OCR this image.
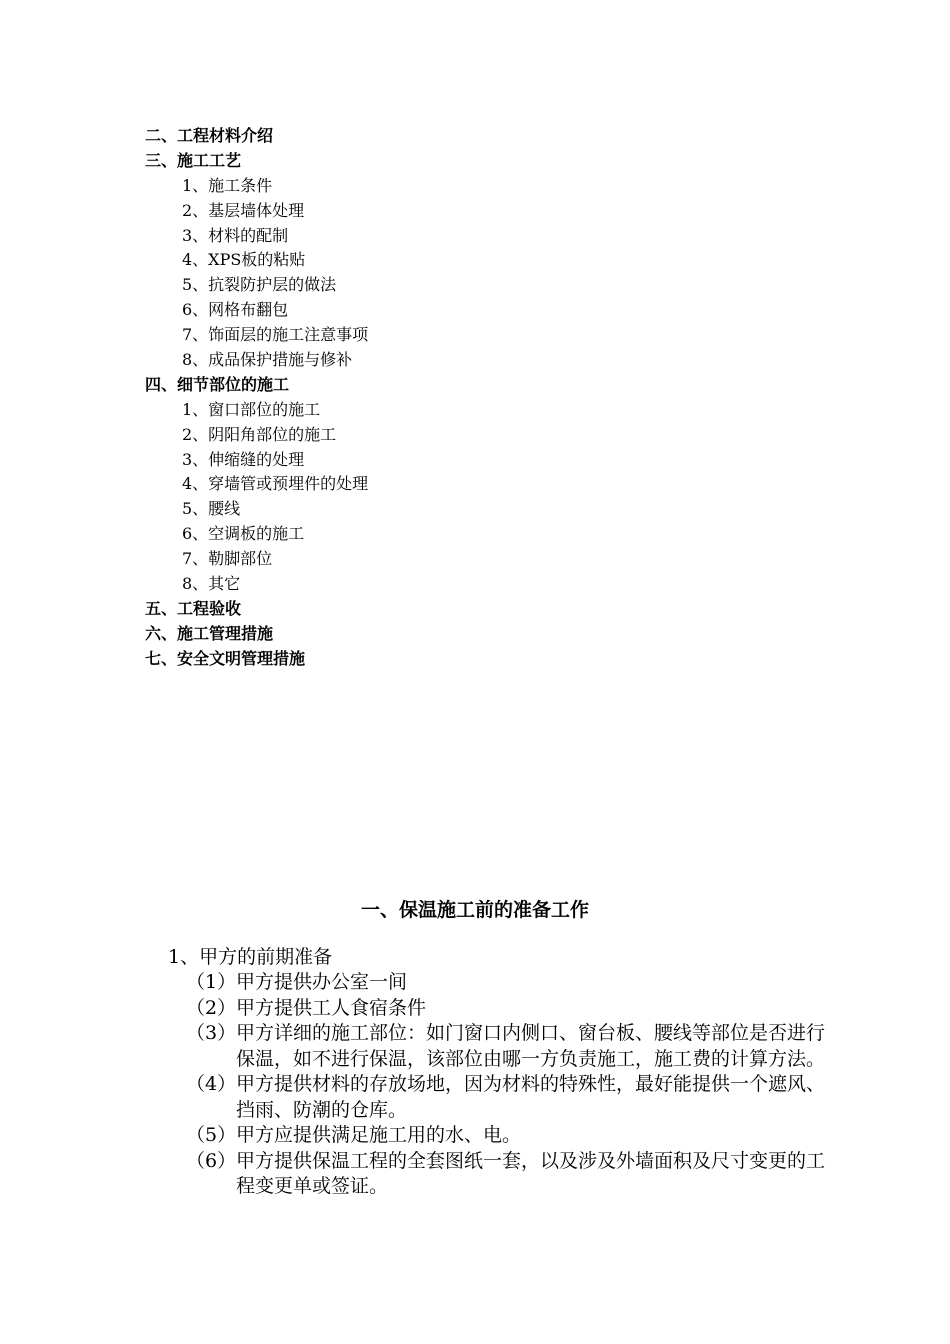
二、工程材料介绍
三、施工工艺
1、施工条件
2、基层墙体处理
3、材料的配制
4、XPS板的粘贴
5、抗裂防护层的做法
6、网格布翻包
7、饰面层的施工注意事项
8、成品保护措施与修补
四、细节部位的施工
1、窗口部位的施工
2、阴阳角部位的施工
3、伸缩缝的处理
4、穿墙管或预埋件的处理
5、腰线
6、空调板的施工
7、勒脚部位
8、其它
五、工程验收
六、施工管理措施
七、安全文明管理措施
一、保温施工前的准备工作
1、甲方的前期准备
（1） 甲方提供办公室一间
（2） 甲方提供工人食宿条件
（3） 甲方详细的施工部位：如门窗口内侧口、窗台板、腰线等部位是否进行保温，如不进行保温，该部位由哪一方负责施工，施工费的计算方法。
（4） 甲方提供材料的存放场地，因为材料的特殊性，最好能提供一个遮风、挡雨、防潮的仓库。
（5） 甲方应提供满足施工用的水、电。
（6） 甲方提供保温工程的全套图纸一套，以及涉及外墙面积及尺寸变更的工程变更单或签证。
